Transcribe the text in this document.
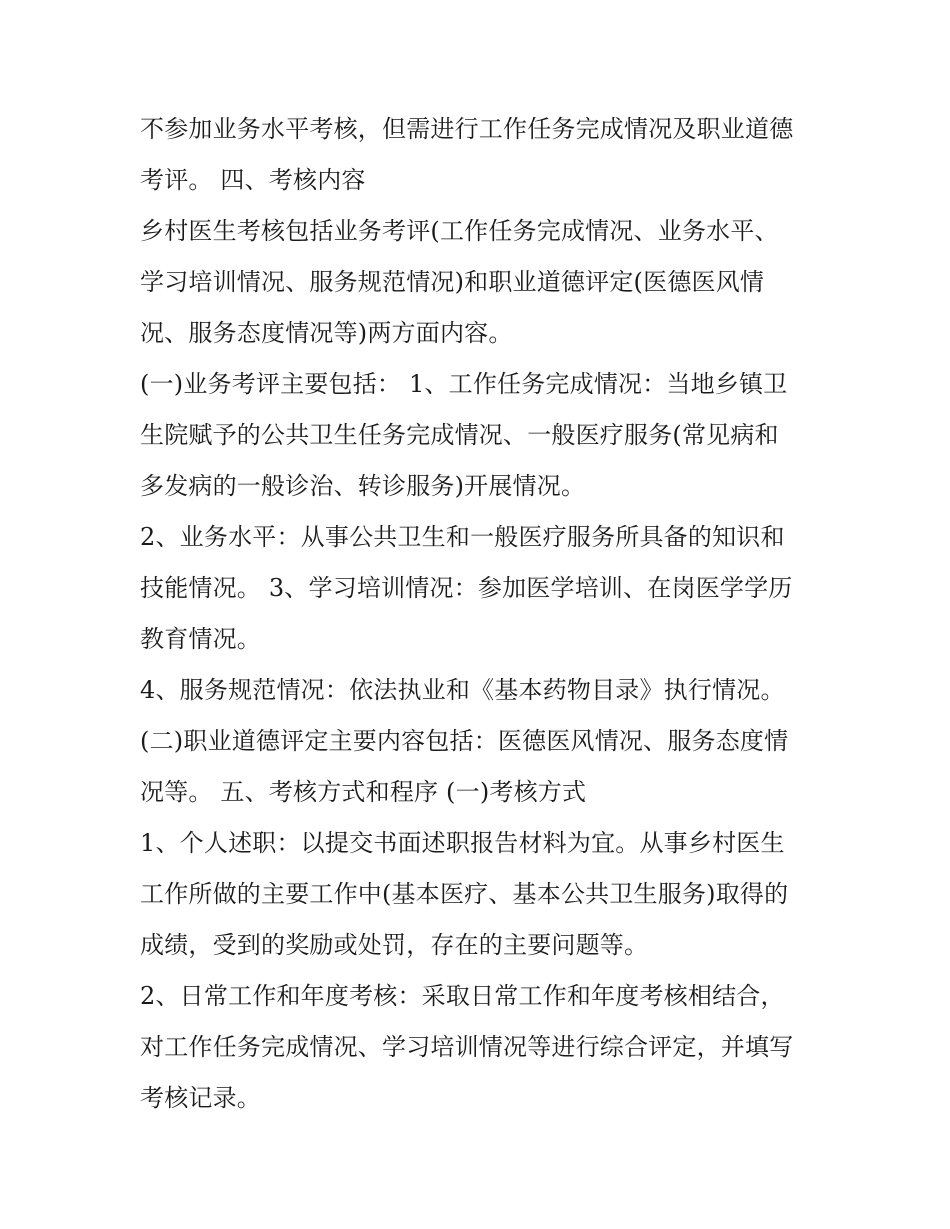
不参加业务水平考核，但需进行工作任务完成情况及职业道德
考评。 四、考核内容
乡村医生考核包括业务考评(工作任务完成情况、业务水平、
学习培训情况、服务规范情况)和职业道德评定(医德医风情
况、服务态度情况等)两方面内容。
(一)业务考评主要包括： 1、工作任务完成情况：当地乡镇卫
生院赋予的公共卫生任务完成情况、一般医疗服务(常见病和
多发病的一般诊治、转诊服务)开展情况。
2、业务水平：从事公共卫生和一般医疗服务所具备的知识和
技能情况。 3、学习培训情况：参加医学培训、在岗医学学历
教育情况。
4、服务规范情况：依法执业和《基本药物目录》执行情况。
(二)职业道德评定主要内容包括：医德医风情况、服务态度情
况等。 五、考核方式和程序 (一)考核方式
1、个人述职：以提交书面述职报告材料为宜。从事乡村医生
工作所做的主要工作中(基本医疗、基本公共卫生服务)取得的
成绩，受到的奖励或处罚，存在的主要问题等。
2、日常工作和年度考核：采取日常工作和年度考核相结合，
对工作任务完成情况、学习培训情况等进行综合评定，并填写
考核记录。
